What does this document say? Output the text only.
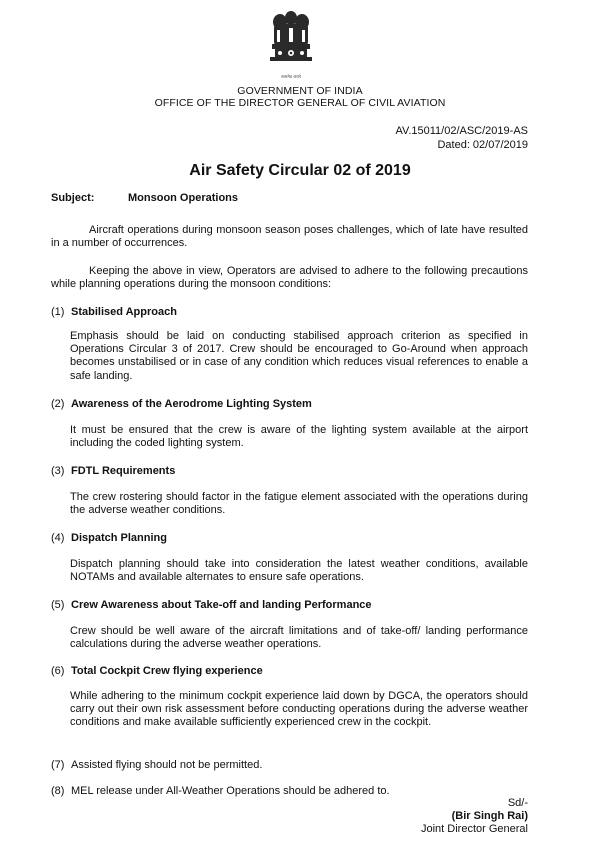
सत्यमेव जयते
GOVERNMENT OF INDIA
OFFICE OF THE DIRECTOR GENERAL OF CIVIL AVIATION
AV.15011/02/ASC/2019-AS
Dated: 02/07/2019
Air Safety Circular 02 of 2019
Subject:	Monsoon Operations
Aircraft operations during monsoon season poses challenges, which of late have resulted in a number of occurrences.
Keeping the above in view, Operators are advised to adhere to the following precautions while planning operations during the monsoon conditions:
(1) Stabilised Approach
Emphasis should be laid on conducting stabilised approach criterion as specified in Operations Circular 3 of 2017. Crew should be encouraged to Go-Around when approach becomes unstabilised or in case of any condition which reduces visual references to enable a safe landing.
(2) Awareness of the Aerodrome Lighting System
It must be ensured that the crew is aware of the lighting system available at the airport including the coded lighting system.
(3) FDTL Requirements
The crew rostering should factor in the fatigue element associated with the operations during the adverse weather conditions.
(4) Dispatch Planning
Dispatch planning should take into consideration the latest weather conditions, available NOTAMs and available alternates to ensure safe operations.
(5) Crew Awareness about Take-off and landing Performance
Crew should be well aware of the aircraft limitations and of take-off/ landing performance calculations during the adverse weather operations.
(6) Total Cockpit Crew flying experience
While adhering to the minimum cockpit experience laid down by DGCA, the operators should carry out their own risk assessment before conducting operations during the adverse weather conditions and make available sufficiently experienced crew in the cockpit.
(7) Assisted flying should not be permitted.
(8) MEL release under All-Weather Operations should be adhered to.
Sd/-
(Bir Singh Rai)
Joint Director General
